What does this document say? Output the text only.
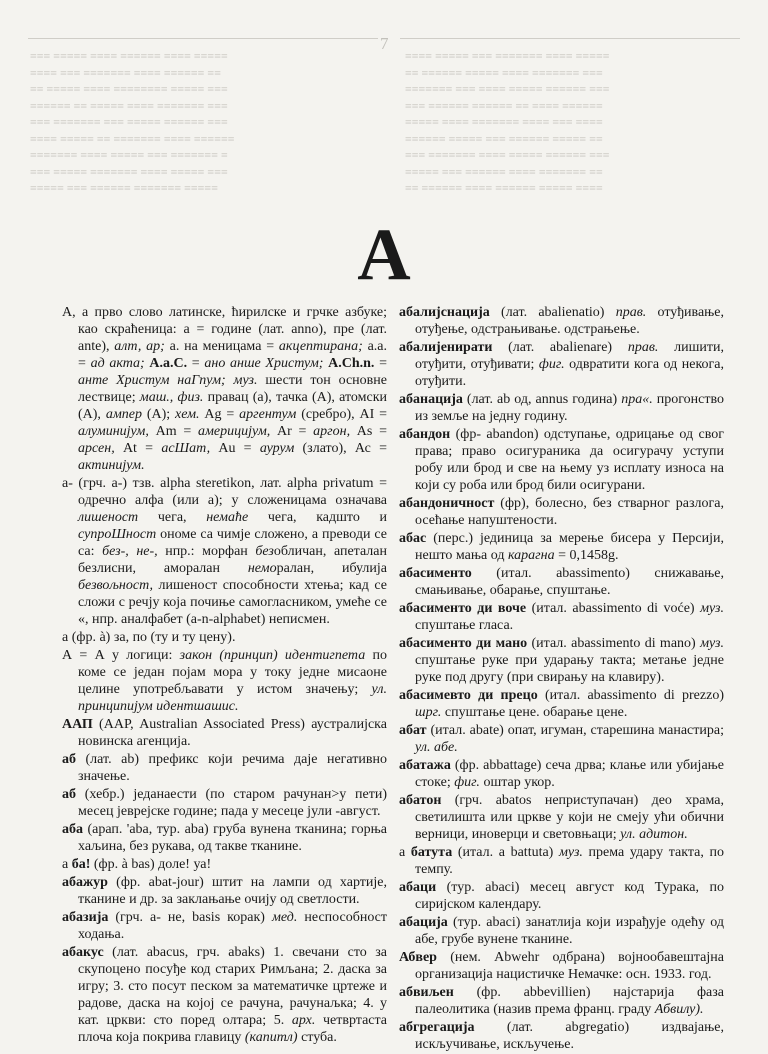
7
≡≡≡ ≡≡≡≡≡ ≡≡≡≡ ≡≡≡≡≡≡ ≡≡≡≡ ≡≡≡≡≡
≡≡≡≡ ≡≡≡ ≡≡≡≡≡≡≡ ≡≡≡≡ ≡≡≡≡≡≡ ≡≡
≡≡ ≡≡≡≡≡ ≡≡≡≡ ≡≡≡≡≡≡≡≡ ≡≡≡≡≡ ≡≡≡
≡≡≡≡≡≡ ≡≡ ≡≡≡≡≡ ≡≡≡≡ ≡≡≡≡≡≡≡ ≡≡≡
≡≡≡ ≡≡≡≡≡≡≡ ≡≡≡ ≡≡≡≡≡ ≡≡≡≡≡≡ ≡≡≡
≡≡≡≡ ≡≡≡≡≡ ≡≡ ≡≡≡≡≡≡≡ ≡≡≡≡ ≡≡≡≡≡≡
≡≡≡≡≡≡≡ ≡≡≡≡ ≡≡≡≡≡ ≡≡≡ ≡≡≡≡≡≡≡ ≡
≡≡≡ ≡≡≡≡≡ ≡≡≡≡≡≡≡ ≡≡≡≡ ≡≡≡≡≡ ≡≡≡
≡≡≡≡≡ ≡≡≡ ≡≡≡≡≡≡ ≡≡≡≡≡≡≡ ≡≡≡≡≡
≡≡≡≡ ≡≡≡≡≡ ≡≡≡ ≡≡≡≡≡≡≡ ≡≡≡≡ ≡≡≡≡≡
≡≡ ≡≡≡≡≡≡ ≡≡≡≡≡ ≡≡≡≡ ≡≡≡≡≡≡≡ ≡≡≡
≡≡≡≡≡≡≡ ≡≡≡ ≡≡≡≡ ≡≡≡≡≡ ≡≡≡≡≡≡ ≡≡≡
≡≡≡ ≡≡≡≡≡≡ ≡≡≡≡≡≡ ≡≡ ≡≡≡≡ ≡≡≡≡≡≡
≡≡≡≡≡ ≡≡≡≡ ≡≡≡≡≡≡≡ ≡≡≡≡ ≡≡≡ ≡≡≡≡
≡≡≡≡≡≡ ≡≡≡≡≡ ≡≡≡ ≡≡≡≡≡≡ ≡≡≡≡≡ ≡≡
≡≡≡ ≡≡≡≡≡≡≡ ≡≡≡≡ ≡≡≡≡≡ ≡≡≡≡≡≡ ≡≡≡
≡≡≡≡≡ ≡≡≡ ≡≡≡≡≡≡ ≡≡≡≡ ≡≡≡≡≡≡≡ ≡≡
≡≡ ≡≡≡≡≡≡ ≡≡≡≡ ≡≡≡≡≡≡ ≡≡≡≡≡ ≡≡≡≡
А

А, а прво слово латинске, ћирилске и грчке азбуке; као скраћеница: а = године (лат. anno), пре (лат. ante), алт, ар; а. на меницама = акцептирана; а.а. = ад акта; A.a.C. = ано анше Христум; A.Ch.n. = анте Христум наГпум; муз. шести тон основне лествице; маш., физ. правац (а), тачка (А), атомски (А), ампер (А); хем. Ag = аргентум (сребро), AI = алуминијум, Am = америцијум, Ar = аргон, As = арсен, At = асШат, Au = аурум (злато), Ас = актинијум.

а- (грч. а-) тзв. alpha steretikon, лат. alpha privatum = одречно алфа (или а); у сложеницама означава лишеност чега, немаће чега, кадшто и супроШност ономе са чимје сложено, а преводи се са: без-, не-, нпр.: морфан безобличан, апеталан безлисни, аморалан неморалан, ибулија безвољност, лишеност способности хтења; кад се сложи с речју која почиње самогласником, умеће се «, нпр. аналфабет (а-n-alphabet) неписмен.

а (фр. à) за, по (ту и ту цену).

А = А у логици: закон (принцип) идентигпета по коме се један појам мора у току једне мисаоне целине употребљавати у истом значењу; ул. принципијум идентшашис.

ААП (AAP, Australian Associated Press) аустралијска новинска агенција.

аб (лат. ab) префикс који речима даје негативно значење.

аб (хебр.) једанаести (по старом рачунан>у пети) месец јеврејске године; пада у месеце јули -август.

аба (арап. 'aba, тур. aba) груба вунена тканина; горња хаљина, без рукава, од такве тканине.

а ба! (фр. à bas) доле! уа!

абажур (фр. abat-jour) штит на лампи од хартије, тканине и др. за заклањање очију од светлости.

абазија (грч. а- не, basis корак) мед. неспособност ходања.

абакус (лат. abacus, грч. abaks) 1. свечани сто за скупоцено посуђе код старих Римљана; 2. даска за игру; 3. сто посут песком за математичке цртеже и радове, даска на којој се рачуна, рачунаљка; 4. у кат. цркви: сто поред олтара; 5. арх. четвртаста плоча која покрива главицу (капитл) стуба.

абалијснација (лат. abalienatio) прав. отуђивање, отуђење, одстрањивање. одстрањење.

абалијенирати (лат. abalienare) прав. лишити, отуђити, отуђивати; фиг. одвратити кога од некога, отуђити.

абанација (лат. ab од, annus година) пра«. прогонство из земље на једну годину.

абандон (фр- abandon) одступање, одрицање од свог права; право осигураника да осигурачу уступи робу или брод и све на њему уз исплату износа на који су роба или брод били осигурани.

абандоничност (фр), болесно, без стварног разлога, осећање напуштености.

абас (перс.) јединица за мерење бисера у Персији, нешто мања од карагна = 0,1458g.

абасименто (итал. abassimento) снижавање, смањивање, обарање, спуштање.

абасименто ди воче (итал. abassimento di voće) муз. спуштање гласа.

абасименто ди мано (итал. abassimento di mano) муз. спуштање руке при ударању такта; метање једне руке под другу (при свирању на клавиру).

абасимевто ди прецо (итал. abassimento di prezzo) шрг. спуштање цене. обарање цене.

абат (итал. abate) опат, игуман, старешина манастира; ул. абе.

абатажа (фр. abbattage) сеча дрва; клање или убијање стоке; фиг. оштар укор.

абатон (грч. abatos неприступачан) део храма, светилишта или цркве у који не смеју ући обични верници, иноверци и световњаци; ул. адитон.

а батута (итал. a battuta) муз. према удару такта, по темпу.

абаци (тур. abaci) месец август код Турака, по сиријском календару.

абација (тур. abaci) занатлија који израђује одећу од абе, грубе вунене тканине.

Абвер (нем. Abwehr одбрана) војнообавештајна организација нацистичке Немачке: осн. 1933. год.

абвиљен (фр. abbevillien) најстарија фаза палеолитика (назив према франц. граду Абвилу).

абгрегација (лат. abgregatio) издвајање, искључивање, искључење.
